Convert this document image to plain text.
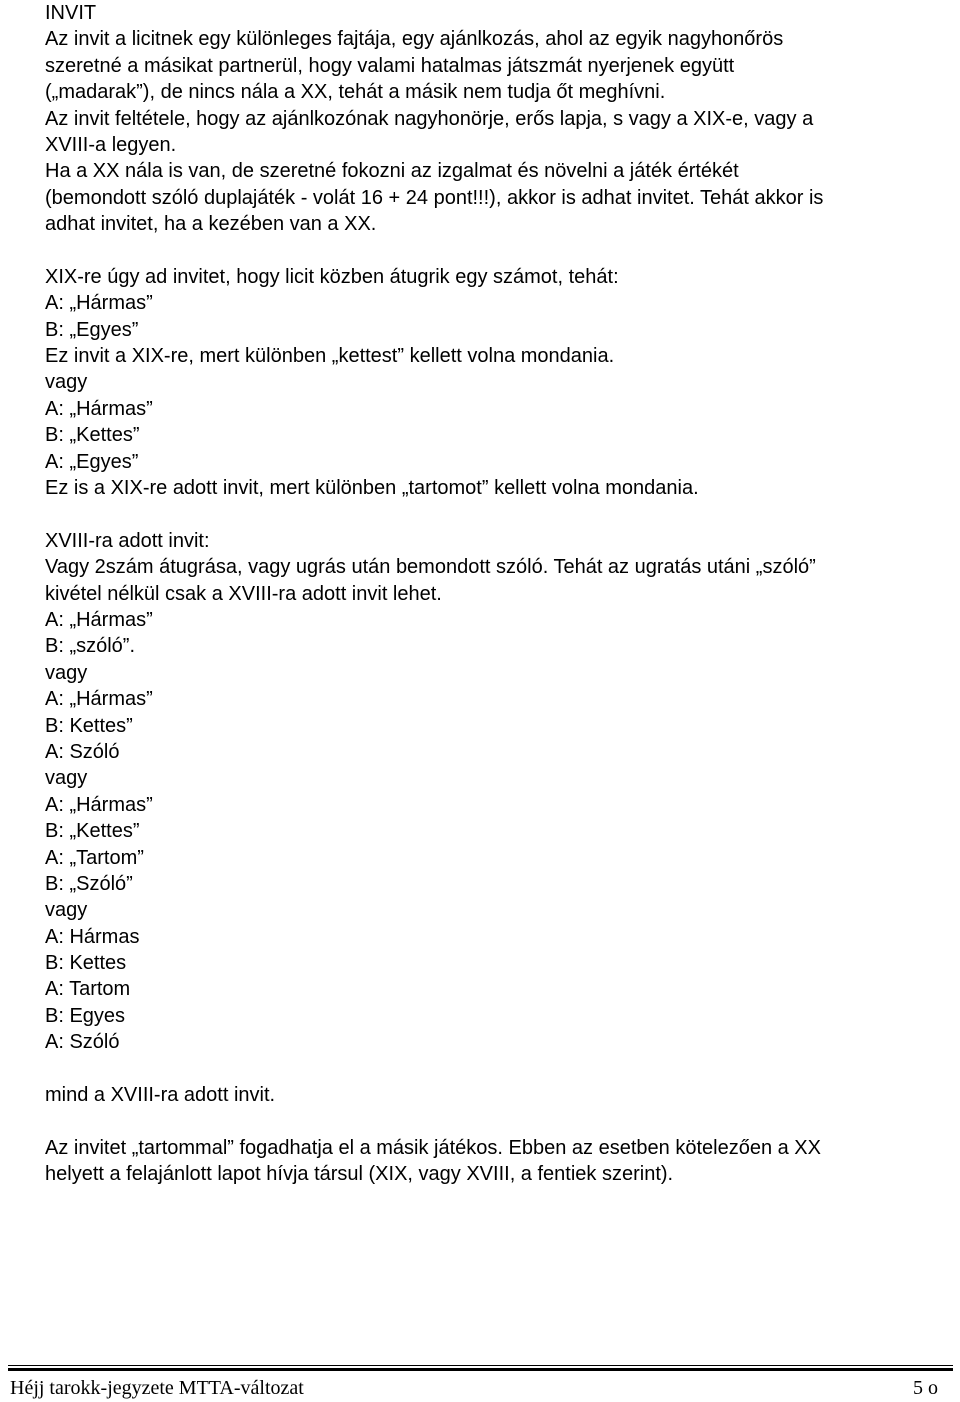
INVIT
Az invit a licitnek egy különleges fajtája, egy ajánlkozás, ahol az egyik nagyhonőrös
szeretné a másikat partnerül, hogy valami hatalmas játszmát nyerjenek együtt
(„madarak”), de nincs nála a XX, tehát a másik nem tudja őt meghívni.
Az invit feltétele, hogy az ajánlkozónak nagyhonörje, erős lapja, s vagy a XIX-e, vagy a
XVIII-a legyen.
Ha a XX nála is van, de szeretné fokozni az izgalmat és növelni a játék értékét
(bemondott szóló duplajáték - volát 16 + 24 pont!!!), akkor is adhat invitet. Tehát akkor is
adhat invitet, ha a kezében van a XX.
XIX-re úgy ad invitet, hogy licit közben átugrik egy számot, tehát:
A: „Hármas”
B: „Egyes”
Ez invit a XIX-re, mert különben „kettest” kellett volna mondania.
vagy
A: „Hármas”
B: „Kettes”
A: „Egyes”
Ez is a XIX-re adott invit, mert különben „tartomot” kellett volna mondania.
XVIII-ra adott invit:
Vagy 2szám átugrása, vagy ugrás után bemondott szóló. Tehát az ugratás utáni „szóló”
kivétel nélkül csak a XVIII-ra adott invit lehet.
A: „Hármas”
B: „szóló”.
vagy
A: „Hármas”
B: Kettes”
A: Szóló
vagy
A: „Hármas”
B: „Kettes”
A: „Tartom”
B: „Szóló”
vagy
A: Hármas
B: Kettes
A: Tartom
B: Egyes
A: Szóló
mind a XVIII-ra adott invit.
Az invitet „tartommal” fogadhatja el a másik játékos. Ebben az esetben kötelezően a XX
helyett a felajánlott lapot hívja társul (XIX, vagy XVIII, a fentiek szerint).
Héjj tarokk-jegyzete MTTA-változat	5 o
